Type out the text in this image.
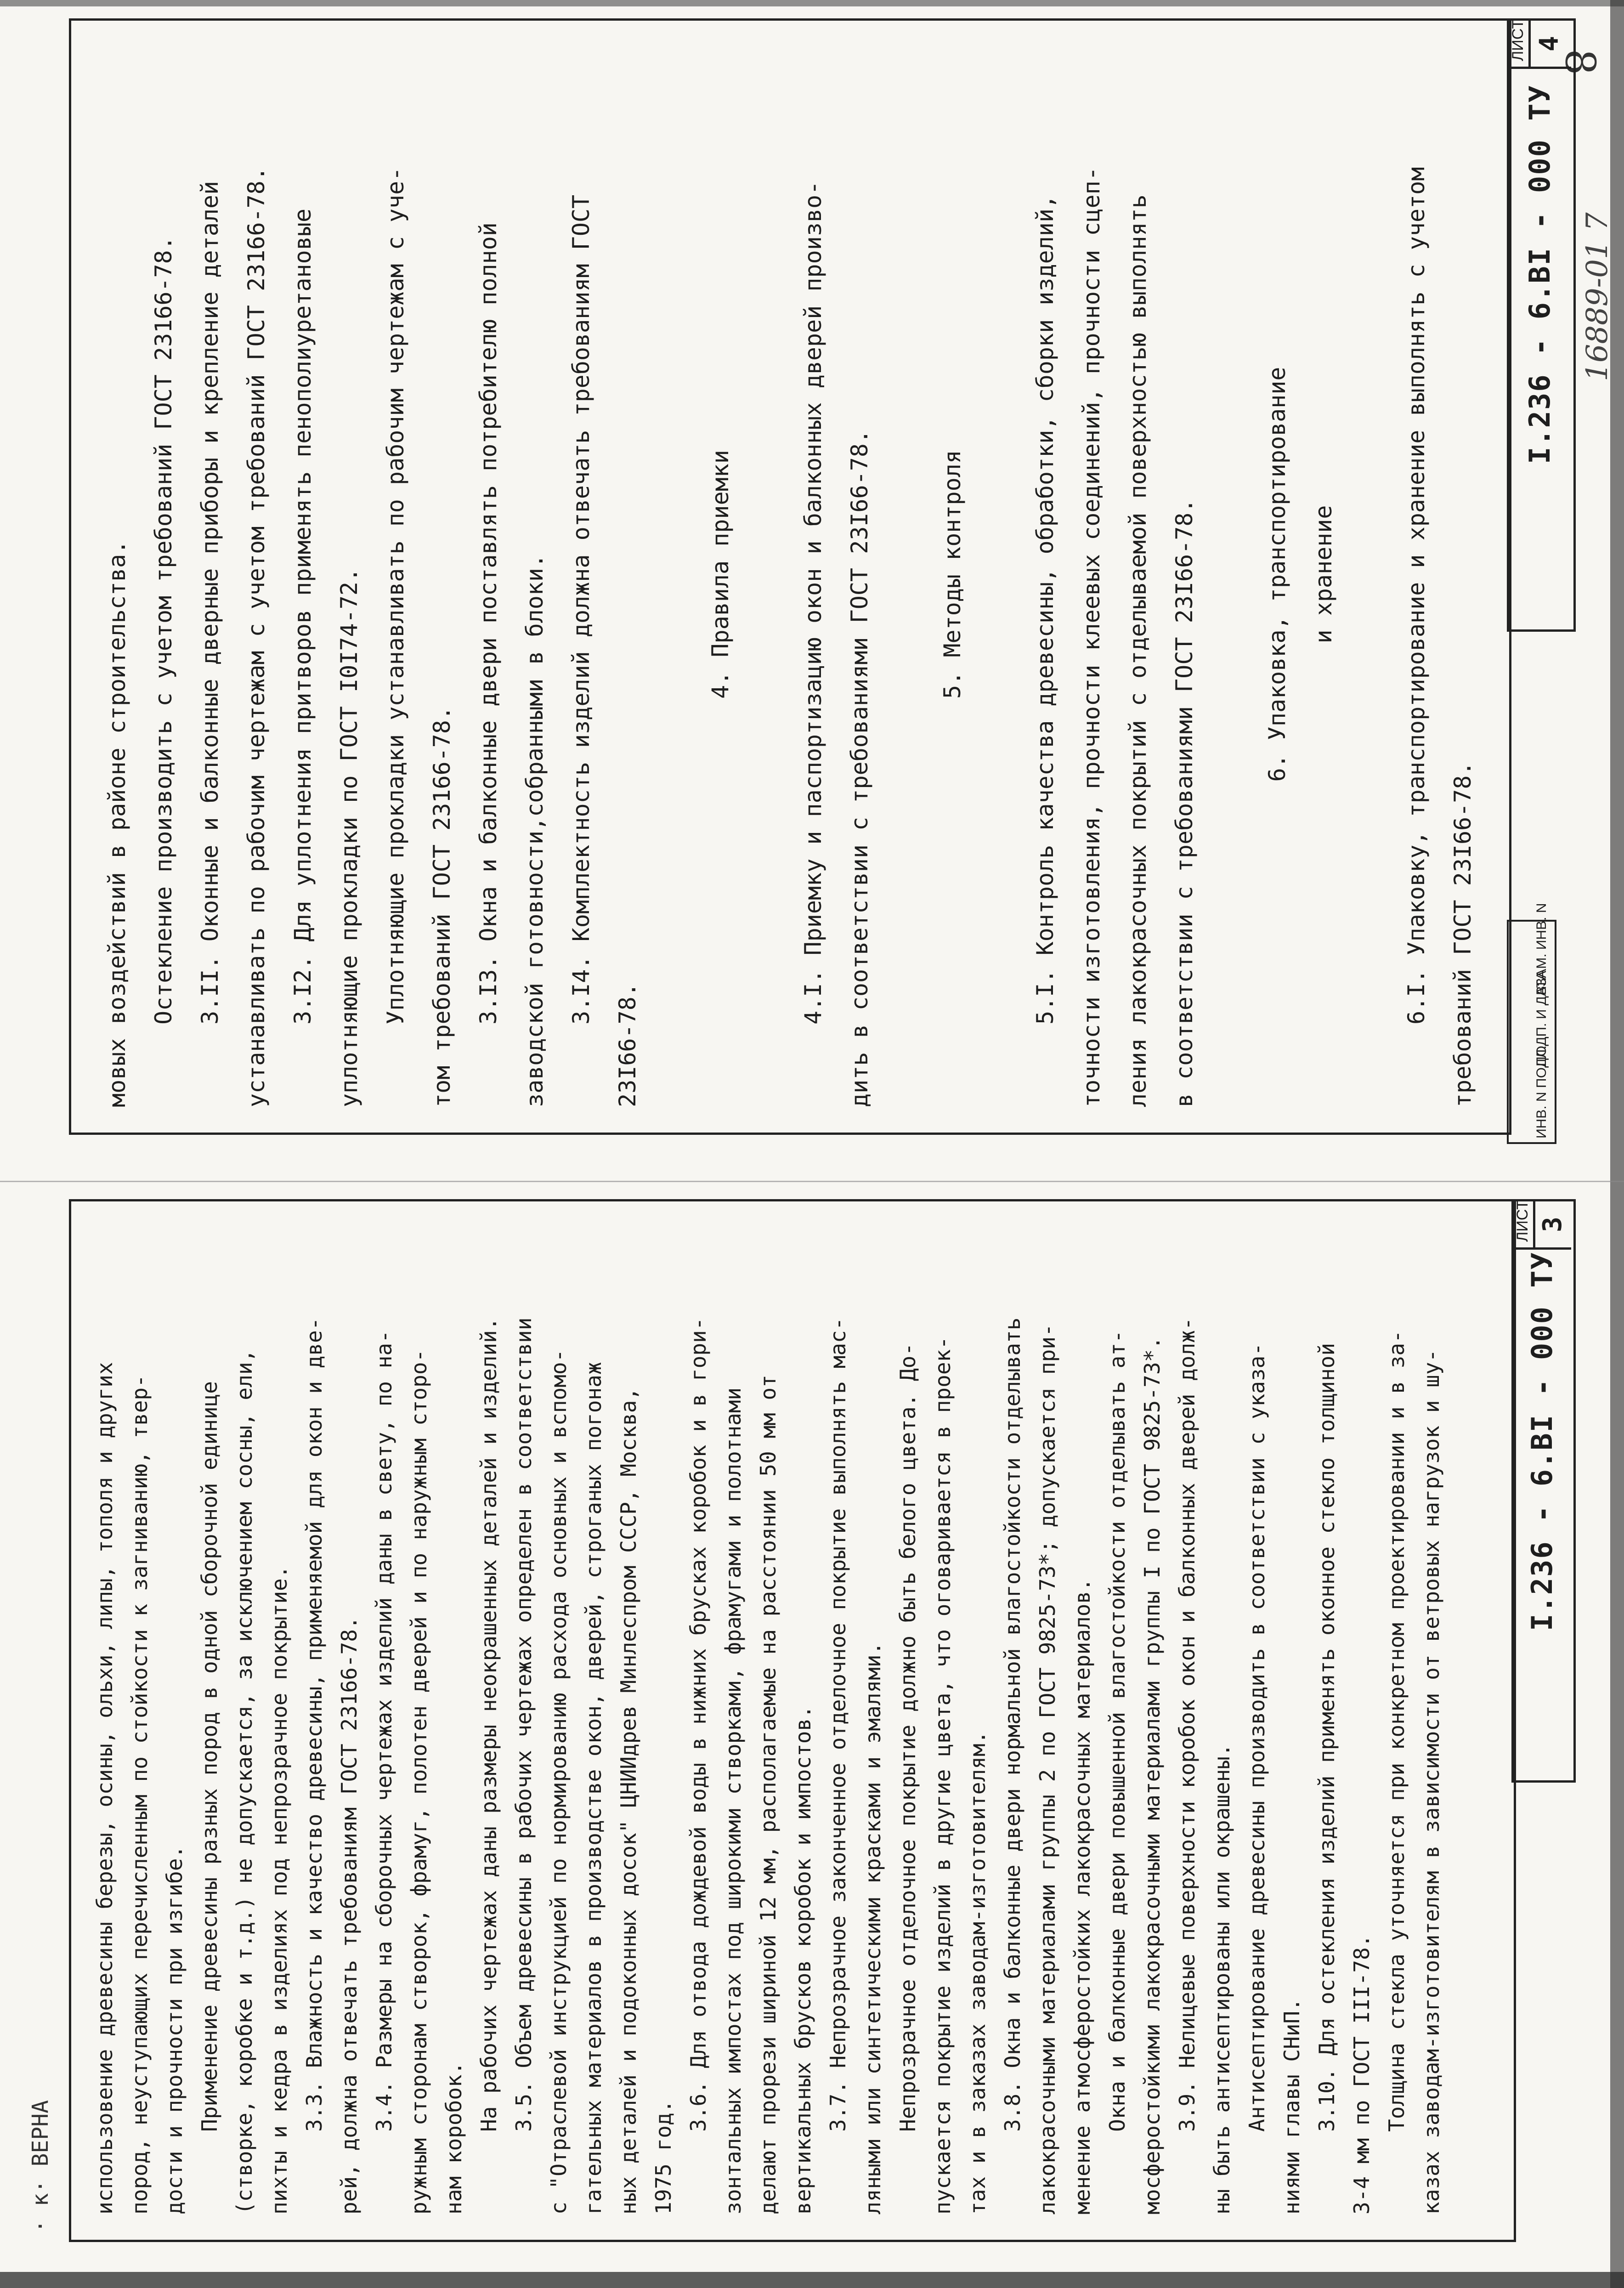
8
мовых воздействий в районе строительства. Остекление производить с учетом требований ГОСТ 23166-78. 3.II. Оконные и балконные дверные приборы и крепление деталей устанавливать по рабочим чертежам с учетом требований ГОСТ 23166-78. 3.I2. Для уплотнения притворов применять пенополиуретановые уплотняющие прокладки по ГОСТ I0I74-72. Уплотняющие прокладки устанавливать по рабочим чертежам с уче- том требований ГОСТ 23166-78. 3.I3. Окна и балконные двери поставлять потребителю полной заводской готовности,собранными в блоки. 3.I4. Комплектность изделий должна отвечать требованиям ГОСТ
23I66-78.
4. Правила приемки	4.I. Приемку и паспортизацию окон и балконных дверей произво- дить в соответствии с требованиями ГОСТ 23I66-78.	5. Методы контроля	5.I. Контроль качества древесины, обработки, сборки изделий, точности изготовления, прочности клеевых соединений, прочности сцеп- ления лакокрасочных покрытий с отделываемой поверхностью выполнять в соответствии с требованиями ГОСТ 23I66-78.	6. Упаковка, транспортирование и хранение	6.I. Упаковку, транспортирование и хранение выполнять с учетом требований ГОСТ 23I66-78.
I.236 - 6.BI - 000 ТУ
ЛИСТ 4
ИНВ. N ПОДЛ.
ПОДП. И ДАТА
ВЗАМ. ИНВ. N
16889-01 7
использовение древесины березы, осины, ольхи, липы, тополя и других пород, неуступающих перечисленным по стойкости к загниванию, твер- дости и прочности при изгибе. Применение древесины разных пород в одной сборочной единице (створке, коробке и т.д.) не допускается, за исключением сосны, ели, пихты и кедра в изделиях под непрозрачное покрытие. 3.3. Влажность и качество древесины, применяемой для окон и две- рей, должна отвечать требованиям ГОСТ 23166-78. 3.4. Размеры на сборочных чертежах изделий даны в свету, по на- ружным сторонам створок, фрамуг, полотен дверей и по наружным сторо- нам коробок.
На рабочих чертежах даны размеры неокрашенных деталей и изделий. 3.5. Объем древесины в рабочих чертежах определен в соответствии с "Отраслевой инструкцией по нормированию расхода основных и вспомо- гательных материалов в производстве окон, дверей, строганых погонаж ных деталей и подоконных досок" ЦНИИдрев Минлеспром СССР, Москва, 1975 год.
3.6. Для отвода дождевой воды в нижних брусках коробок и в гори- зонтальных импостах под широкими створками, фрамугами и полотнами делают прорези шириной 12 мм, располагаемые на расстоянии 50 мм от вертикальных брусков коробок и импостов. 3.7. Непрозрачное законченное отделочное покрытие выполнять мас- ляными или синтетическими красками и эмалями. Непрозрачное отделочное покрытие должно быть белого цвета. До- пускается покрытие изделий в другие цвета, что оговаривается в проек- тах и в заказах заводам-изготовителям. 3.8. Окна и балконные двери нормальной влагостойкости отделывать лакокрасочными материалами группы 2 по ГОСТ 9825-73*; допускается при- менение атмосферостойких лакокрасочных материалов. Окна и балконные двери повышенной влагостойкости отделывать ат- мосферостойкими лакокрасочными материалами группы I по ГОСТ 9825-73*. 3.9. Нелицевые поверхности коробок окон и балконных дверей долж- ны быть антисептированы или окрашены. Антисептирование древесины производить в соответствии с указа- ниями главы СНиП. 3.10. Для остекления изделий применять оконное стекло толщиной 3-4 мм по ГОСТ III-78. Толщина стекла уточняется при конкретном проектировании и в за- казах заводам-изготовителям в зависимости от ветровых нагрузок и шу-	I.236 - 6.BI - 000 ТУ
ЛИСТ 3
· к· ВЕРНА
